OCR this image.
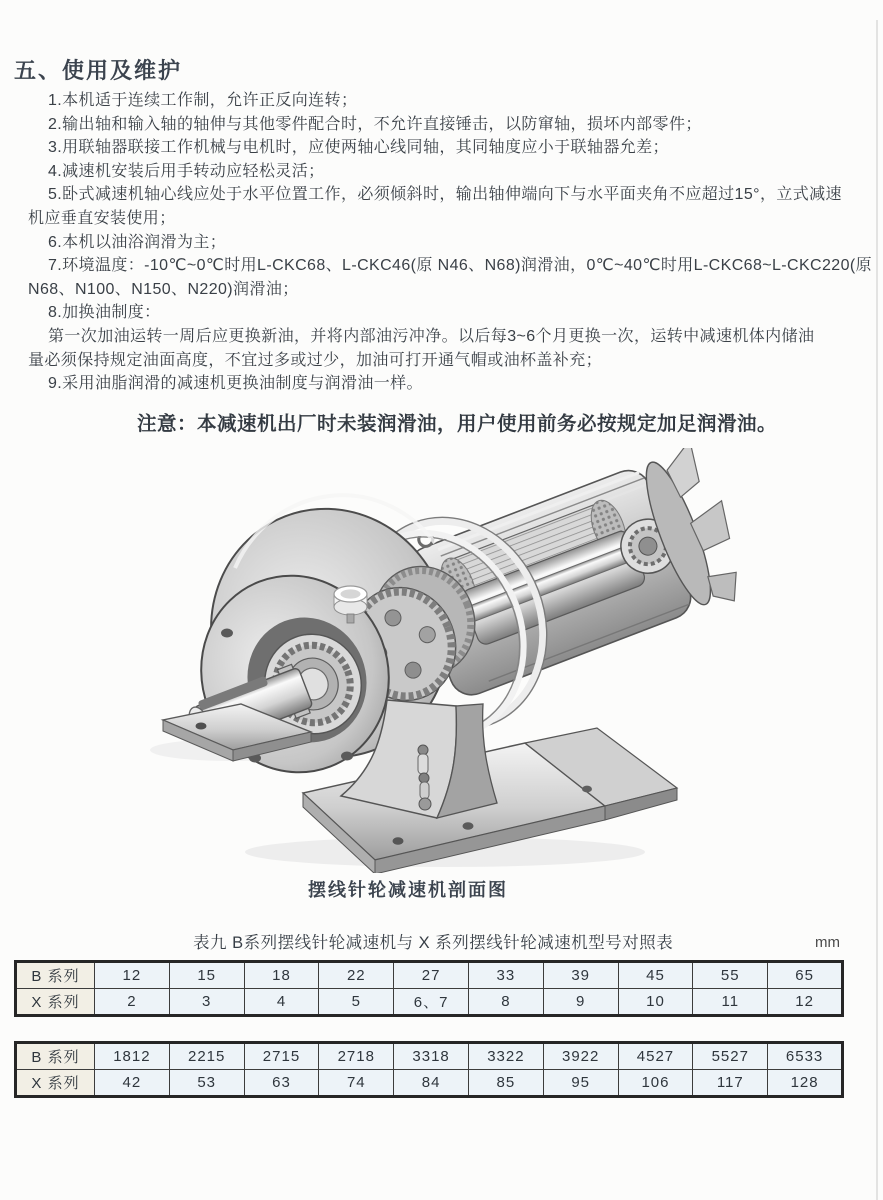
五、使用及维护
1.本机适于连续工作制，允许正反向连转；
2.输出轴和输入轴的轴伸与其他零件配合时，不允许直接锤击，以防窜轴，损坏内部零件；
3.用联轴器联接工作机械与电机时，应使两轴心线同轴，其同轴度应小于联轴器允差；
4.减速机安装后用手转动应轻松灵活；
5.卧式减速机轴心线应处于水平位置工作，必须倾斜时，输出轴伸端向下与水平面夹角不应超过15°，立式减速
机应垂直安装使用；
6.本机以油浴润滑为主；
7.环境温度：-10℃~0℃时用L-CKC68、L-CKC46(原 N46、N68)润滑油，0℃~40℃时用L-CKC68~L-CKC220(原
N68、N100、N150、N220)润滑油；
8.加换油制度：
第一次加油运转一周后应更换新油，并将内部油污冲净。以后每3~6个月更换一次，运转中减速机体内储油
量必须保持规定油面高度，不宜过多或过少，加油可打开通气帽或油杯盖补充；
9.采用油脂润滑的减速机更换油制度与润滑油一样。
注意：本减速机出厂时未装润滑油，用户使用前务必按规定加足润滑油。
摆线针轮减速机剖面图
表九 B系列摆线针轮减速机与 X 系列摆线针轮减速机型号对照表	mm
B 系列	12	15	18	22	27	33	39	45	55	65
X 系列	2	3	4	5	6、7	8	9	10	11	12
B 系列	1812	2215	2715	2718	3318	3322	3922	4527	5527	6533
X 系列	42	53	63	74	84	85	95	106	117	128
